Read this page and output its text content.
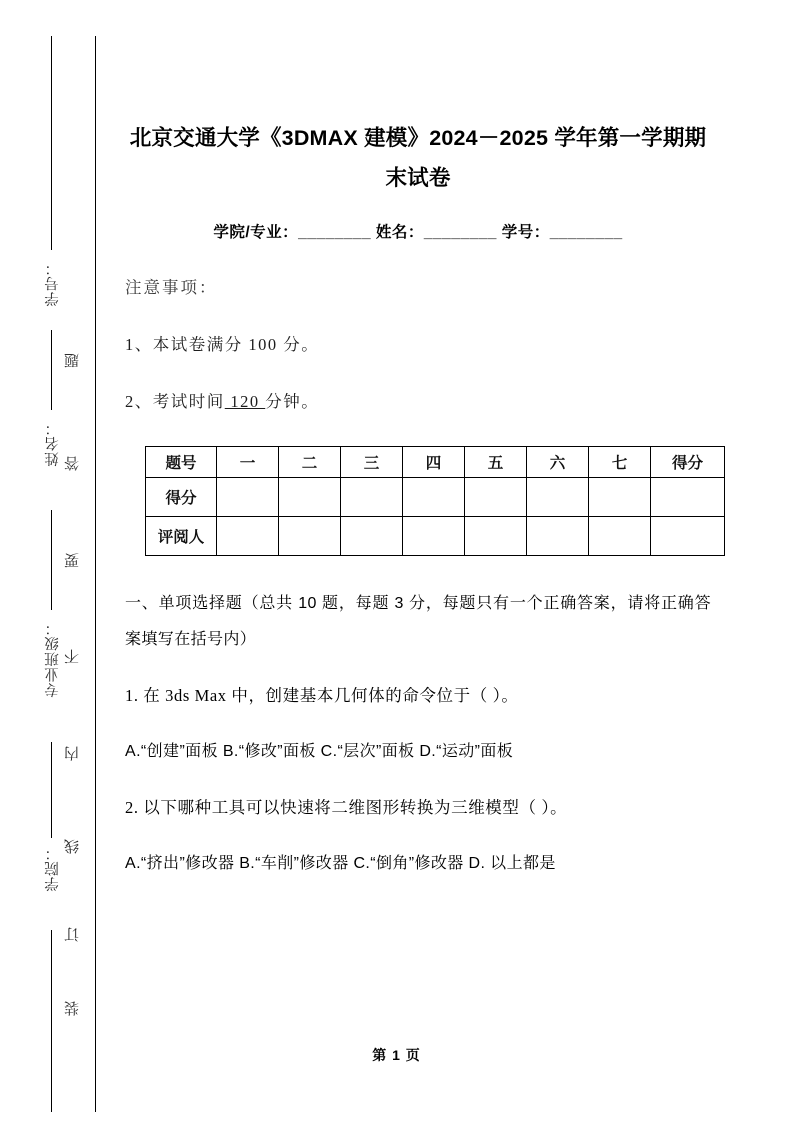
学号：
姓名：
专业班级：
学院：
题
答
要
不
内
线
订
装
北京交通大学《3DMAX 建模》2024－2025 学年第一学期期末试卷
学院/专业：________ 姓名：________ 学号：________
注意事项：
1、本试卷满分 100 分。
2、考试时间 120 分钟。
题号	一	二	三	四	五	六	七	得分
得分								
评阅人								
一、单项选择题（总共 10 题，每题 3 分，每题只有一个正确答案，请将正确答案填写在括号内）
1. 在 3ds Max 中，创建基本几何体的命令位于（ ）。
A.“创建”面板 B.“修改”面板 C.“层次”面板 D.“运动”面板
2. 以下哪种工具可以快速将二维图形转换为三维模型（ ）。
A.“挤出”修改器 B.“车削”修改器 C.“倒角”修改器 D. 以上都是
第 1 页
